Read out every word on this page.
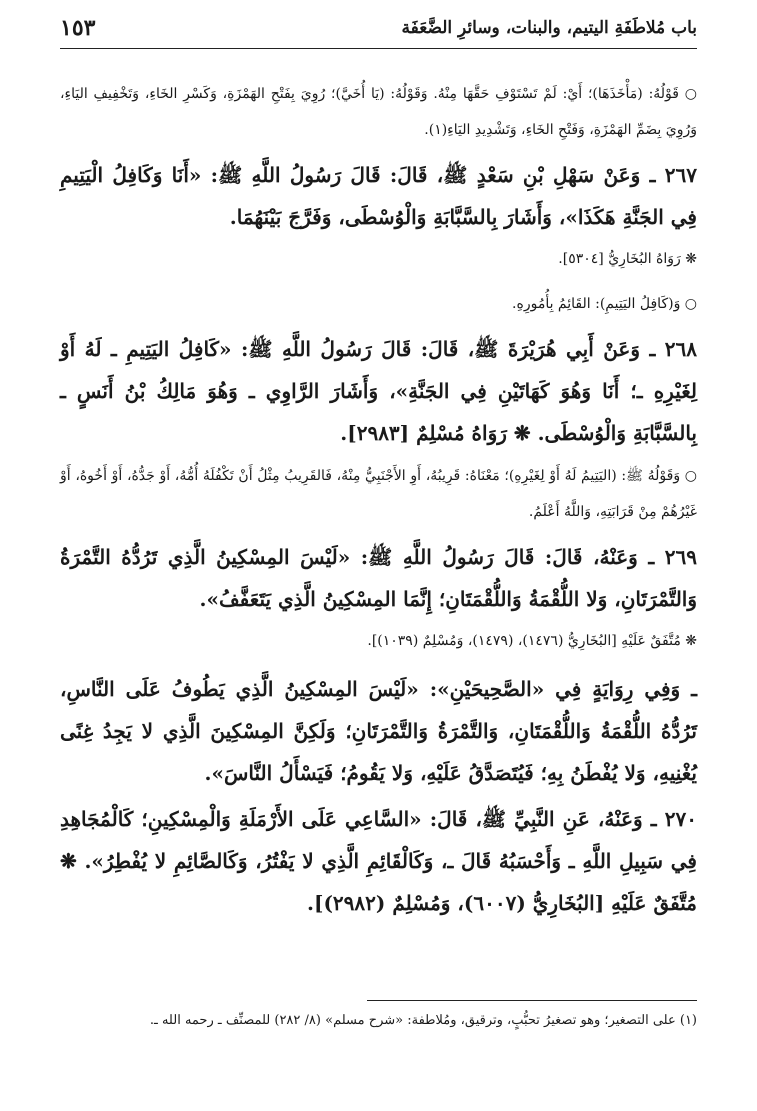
باب مُلاطَفَةِ اليتيم، والبنات، وسائرِ الضَّعَفَة
١٥٣

○ قَوْلُهُ: (مَأْخَذَهَا)؛ أَيْ: لَمْ تَسْتَوْفِ حَقَّهَا مِنْهُ. وَقَوْلُهُ: (يَا أُخَيَّ)؛ رُوِيَ بِفَتْحِ الهَمْزَةِ، وَكَسْرِ الخَاءِ، وَتَخْفِيفِ اليَاءِ، وَرُوِيَ بِضَمِّ الهَمْزَةِ، وَفَتْحِ الخَاءِ، وَتَشْدِيدِ اليَاءِ(١).

٢٦٧ ـ وَعَنْ سَهْلِ بْنِ سَعْدٍ ﷺ، قَالَ: قَالَ رَسُولُ اللَّهِ ﷺ: «أَنَا وَكَافِلُ الْيَتِيمِ فِي الجَنَّةِ هَكَذَا»، وَأَشَارَ بِالسَّبَّابَةِ وَالْوُسْطَى، وَفَرَّجَ بَيْنَهُمَا.

❋ رَوَاهُ البُخَارِيُّ [٥٣٠٤].

○ وَ(كَافِلُ اليَتِيمِ): القَائِمُ بِأُمُورِهِ.

٢٦٨ ـ وَعَنْ أَبِي هُرَيْرَةَ ﷺ، قَالَ: قَالَ رَسُولُ اللَّهِ ﷺ: «كَافِلُ اليَتِيمِ ـ لَهُ أَوْ لِغَيْرِهِ ـ؛ أَنَا وَهُوَ كَهَاتَيْنِ فِي الجَنَّةِ»، وَأَشَارَ الرَّاوِي ـ وَهُوَ مَالِكُ بْنُ أَنَسٍ ـ بِالسَّبَّابَةِ وَالْوُسْطَى. ❋ رَوَاهُ مُسْلِمٌ [٢٩٨٣].

○ وَقَوْلُهُ ﷺ: (اليَتِيمُ لَهُ أَوْ لِغَيْرِهِ)؛ مَعْنَاهُ: قَرِيبُهُ، أَوِ الأَجْنَبِيُّ مِنْهُ، فَالقَرِيبُ مِثْلُ أَنْ تَكْفُلَهُ أُمُّهُ، أَوْ جَدُّهُ، أَوْ أَخُوهُ، أَوْ غَيْرُهُمْ مِنْ قَرَابَتِهِ، وَاللَّهُ أَعْلَمُ.

٢٦٩ ـ وَعَنْهُ، قَالَ: قَالَ رَسُولُ اللَّهِ ﷺ: «لَيْسَ المِسْكِينُ الَّذِي تَرُدُّهُ التَّمْرَةُ وَالتَّمْرَتَانِ، وَلا اللُّقْمَةُ وَاللُّقْمَتَانِ؛ إِنَّمَا المِسْكِينُ الَّذِي يَتَعَفَّفُ».

❋ مُتَّفَقٌ عَلَيْهِ [البُخَارِيُّ (١٤٧٦)، (١٤٧٩)، وَمُسْلِمٌ (١٠٣٩)].

ـ وَفِي رِوَايَةٍ فِي «الصَّحِيحَيْنِ»: «لَيْسَ المِسْكِينُ الَّذِي يَطُوفُ عَلَى النَّاسِ، تَرُدُّهُ اللُّقْمَةُ وَاللُّقْمَتَانِ، وَالتَّمْرَةُ وَالتَّمْرَتَانِ؛ وَلَكِنَّ المِسْكِينَ الَّذِي لا يَجِدُ غِنًى يُغْنِيهِ، وَلا يُفْطَنُ بِهِ؛ فَيُتَصَدَّقُ عَلَيْهِ، وَلا يَقُومُ؛ فَيَسْأَلُ النَّاسَ».

٢٧٠ ـ وَعَنْهُ، عَنِ النَّبِيِّ ﷺ، قَالَ: «السَّاعِي عَلَى الأَرْمَلَةِ وَالْمِسْكِينِ؛ كَالْمُجَاهِدِ فِي سَبِيلِ اللَّهِ ـ وَأَحْسَبُهُ قَالَ ـ، وَكَالْقَائِمِ الَّذِي لا يَفْتُرُ، وَكَالصَّائِمِ لا يُفْطِرُ». ❋ مُتَّفَقٌ عَلَيْهِ [البُخَارِيُّ (٦٠٠٧)، وَمُسْلِمٌ (٢٩٨٢)].

(١) على التصغير؛ وهو تصغيرُ تحبُّبٍ، وترقيق، ومُلاطفة: «شرح مسلم» (٨/ ٢٨٢) للمصنِّف ـ رحمه الله ـ.
